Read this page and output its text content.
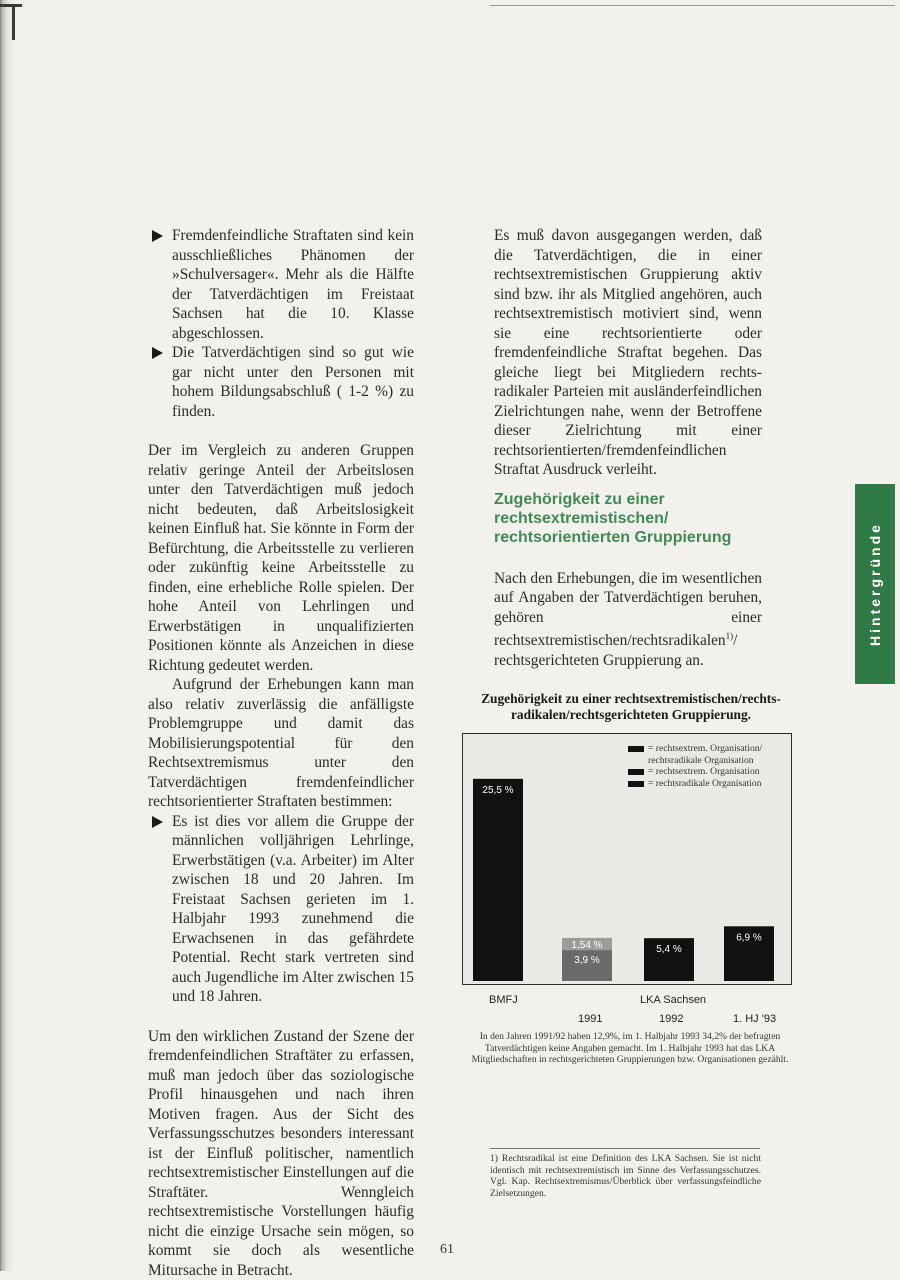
Fremdenfeindliche Straftaten sind kein ausschließliches Phänomen der »Schulversager«. Mehr als die Hälfte der Tatverdächtigen im Freistaat Sachsen hat die 10. Klasse abgeschlossen.

Die Tatverdächtigen sind so gut wie gar nicht unter den Personen mit hohem Bildungsabschluß ( 1-2 %) zu finden.

Der im Vergleich zu anderen Gruppen relativ geringe Anteil der Arbeitslosen unter den Tatverdächtigen muß jedoch nicht bedeuten, daß Arbeitslosigkeit keinen Einfluß hat. Sie könnte in Form der Befürchtung, die Arbeitsstelle zu verlieren oder zukünftig keine Arbeitsstelle zu finden, eine erhebliche Rolle spielen. Der hohe Anteil von Lehrlingen und Erwerbstätigen in unqualifizierten Positionen könnte als Anzeichen in diese Richtung gedeutet werden.

Aufgrund der Erhebungen kann man also relativ zuverlässig die anfälligste Problemgruppe und damit das Mobilisierungspotential für den Rechtsextremismus unter den Tatverdächtigen fremdenfeindlicher rechtsorientierter Straftaten bestimmen:

Es ist dies vor allem die Gruppe der männlichen volljährigen Lehrlinge, Erwerbstätigen (v.a. Arbeiter) im Alter zwischen 18 und 20 Jahren. Im Freistaat Sachsen gerieten im 1. Halbjahr 1993 zunehmend die Erwachsenen in das gefährdete Potential. Recht stark vertreten sind auch Jugendliche im Alter zwischen 15 und 18 Jahren.

Um den wirklichen Zustand der Szene der fremdenfeindlichen Straftäter zu erfassen, muß man jedoch über das soziologische Profil hinausgehen und nach ihren Motiven fragen. Aus der Sicht des Verfassungsschutzes besonders interessant ist der Einfluß politischer, namentlich rechtsextremistischer Einstellungen auf die Straftäter. Wenngleich rechtsextremistische Vorstellungen häufig nicht die einzige Ursache sein mögen, so kommt sie doch als wesentliche Mitursache in Betracht.

Es muß davon ausgegangen werden, daß die Tatverdächtigen, die in einer rechtsextremistischen Gruppierung aktiv sind bzw. ihr als Mitglied angehören, auch rechtsextremistisch motiviert sind, wenn sie eine rechtsorientierte oder fremdenfeindliche Straftat begehen. Das gleiche liegt bei Mitgliedern rechts-radikaler Parteien mit ausländerfeindlichen Zielrichtungen nahe, wenn der Betroffene dieser Zielrichtung mit einer rechtsorientierten/fremdenfeindlichen Straftat Ausdruck verleiht.

Zugehörigkeit zu einer
rechtsextremistischen/
rechtsorientierten Gruppierung

Nach den Erhebungen, die im wesentlichen auf Angaben der Tatverdächtigen beruhen, gehören einer rechtsextremistischen/rechtsradikalen$^{1)}$/ rechtsgerichteten Gruppierung an.

Hintergründe
Zugehörigkeit zu einer rechtsextremistischen/rechts-
radikalen/rechtsgerichteten Gruppierung.
25,5 %
1,54 %
3,9 %
5,4 %
6,9 %
= rechtsextrem. Organisation/
rechtsradikale Organisation
= rechtsextrem. Organisation
= rechtsradikale Organisation
BMFJ	LKA Sachsen
1991	1992	1. HJ '93
In den Jahren 1991/92 haben 12,9%, im 1. Halbjahr 1993 34,2% der befragten Tatverdächtigen keine Angaben gemacht. Im 1. Halbjahr 1993 hat das LKA Mitgliedschaften in rechtsgerichteten Gruppierungen bzw. Organisationen gezählt.
1) Rechtsradikal ist eine Definition des LKA Sachsen. Sie ist nicht identisch mit rechtsextremistisch im Sinne des Verfassungsschutzes. Vgl. Kap. Rechtsextremismus/Überblick über verfassungsfeindliche Zielsetzungen.
61
